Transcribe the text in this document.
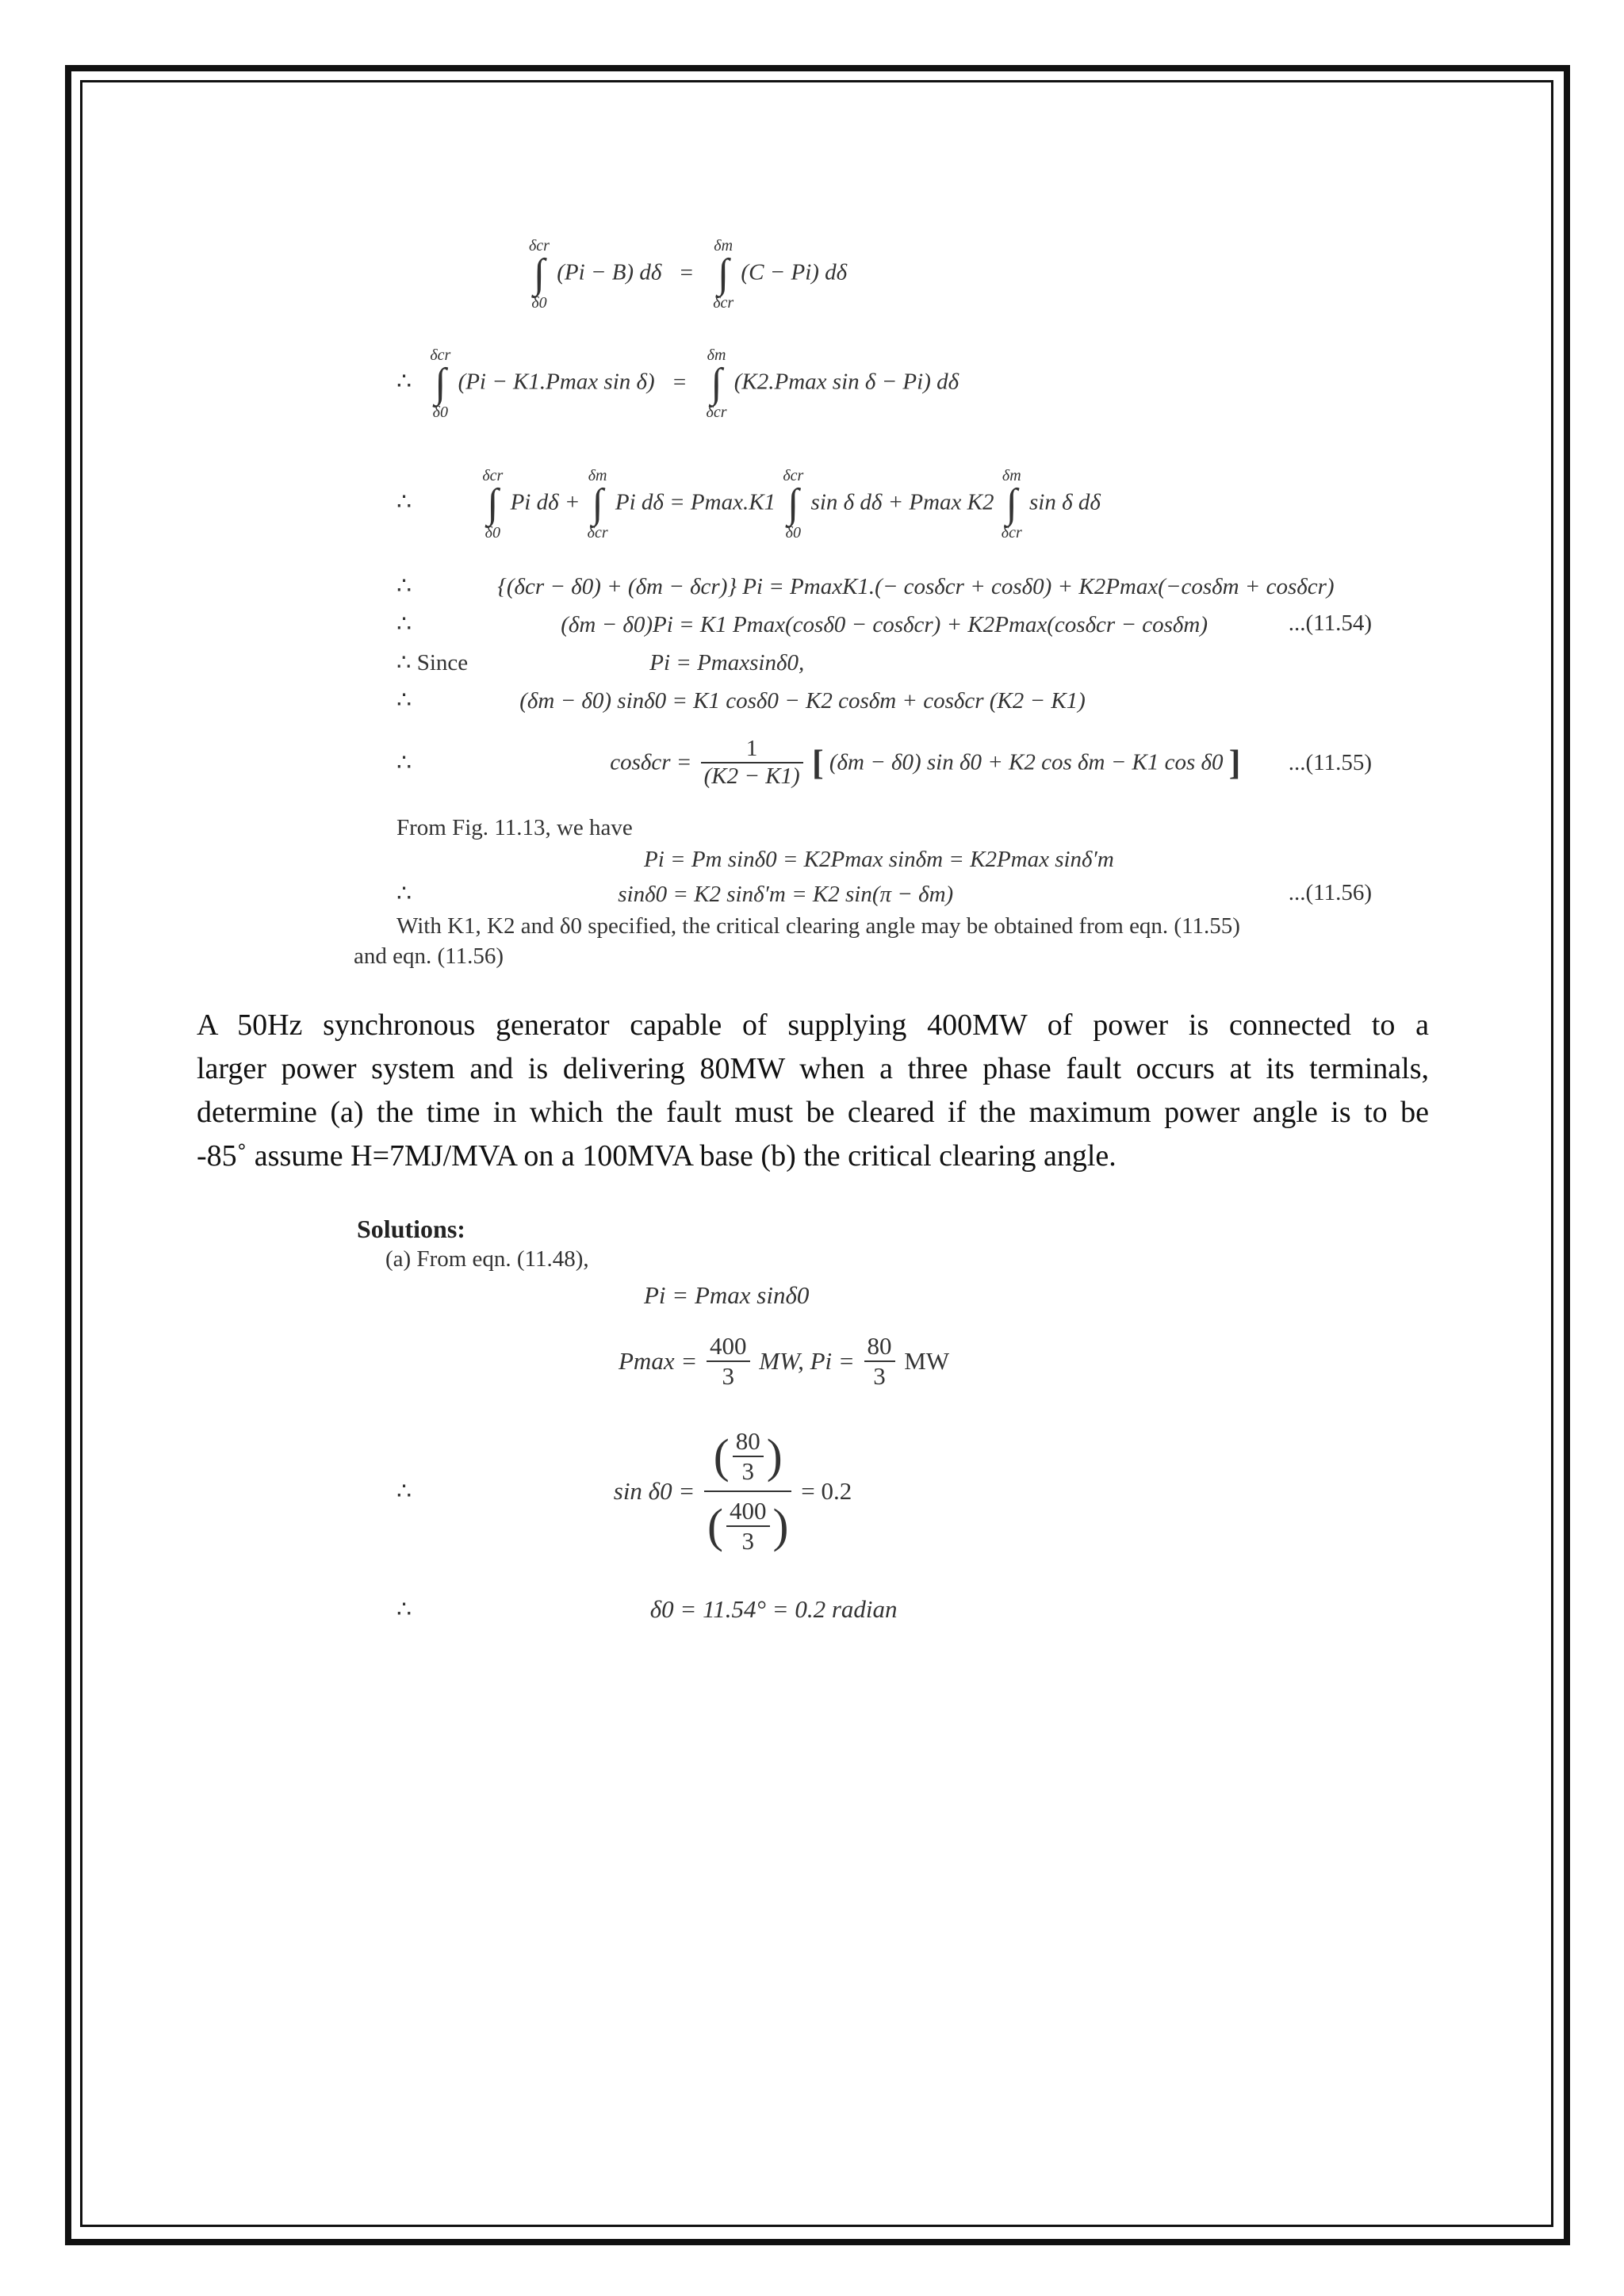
δcr
∫
δ0
(Pi − B) dδ =
δm
∫
δcr
(C − Pi) dδ
∴
δcr
∫
δ0
(Pi − K1.Pmax sin δ) =
δm
∫
δcr
(K2.Pmax sin δ − Pi) dδ
∴
δcr
∫
δ0
Pi dδ +
δm
∫
δcr
Pi dδ = Pmax.K1
δcr
∫
δ0
sin δ dδ + Pmax K2
δm
∫
δcr
sin δ dδ
∴	{(δcr − δ0) + (δm − δcr)} Pi = PmaxK1.(− cosδcr + cosδ0) + K2Pmax(−cosδm + cosδcr)
∴	(δm − δ0)Pi = K1 Pmax(cosδ0 − cosδcr) + K2Pmax(cosδcr − cosδm)	...(11.54)
∴ Since	Pi = Pmaxsinδ0,
∴	(δm − δ0) sinδ0 = K1 cosδ0 − K2 cosδm + cosδcr (K2 − K1)
∴	$\cos\delta cr = \frac{1}{(K2 - K1)}$ [ (δm − δ0) sin δ0 + K2 cos δm − K1 cos δ0 ] ...(11.55)
From Fig. 11.13, we have
Pi = Pm sinδ0 = K2Pmax sinδm = K2Pmax sinδ′m
∴	sinδ0 = K2 sinδ′m = K2 sin(π − δm)	...(11.56)
With K1, K2 and δ0 specified, the critical clearing angle may be obtained from eqn. (11.55)
and eqn. (11.56)
A 50Hz synchronous generator capable of supplying 400MW of power is connected to a
larger power system and is delivering 80MW when a three phase fault occurs at its terminals,
determine (a) the time in which the fault must be cleared if the maximum power angle is to be
-85˚ assume H=7MJ/MVA on a 100MVA base (b) the critical clearing angle.
Solutions:
(a) From eqn. (11.48),
Pi = Pmax sinδ0
$Pmax = \frac{400}{3}$ MW, $Pi = \frac{80}{3}$ MW
∴	$\sin \delta 0 = \frac{( \frac{80}{3} )}{( \frac{400}{3} )} = 0.2$
∴	δ0 = 11.54° = 0.2 radian
